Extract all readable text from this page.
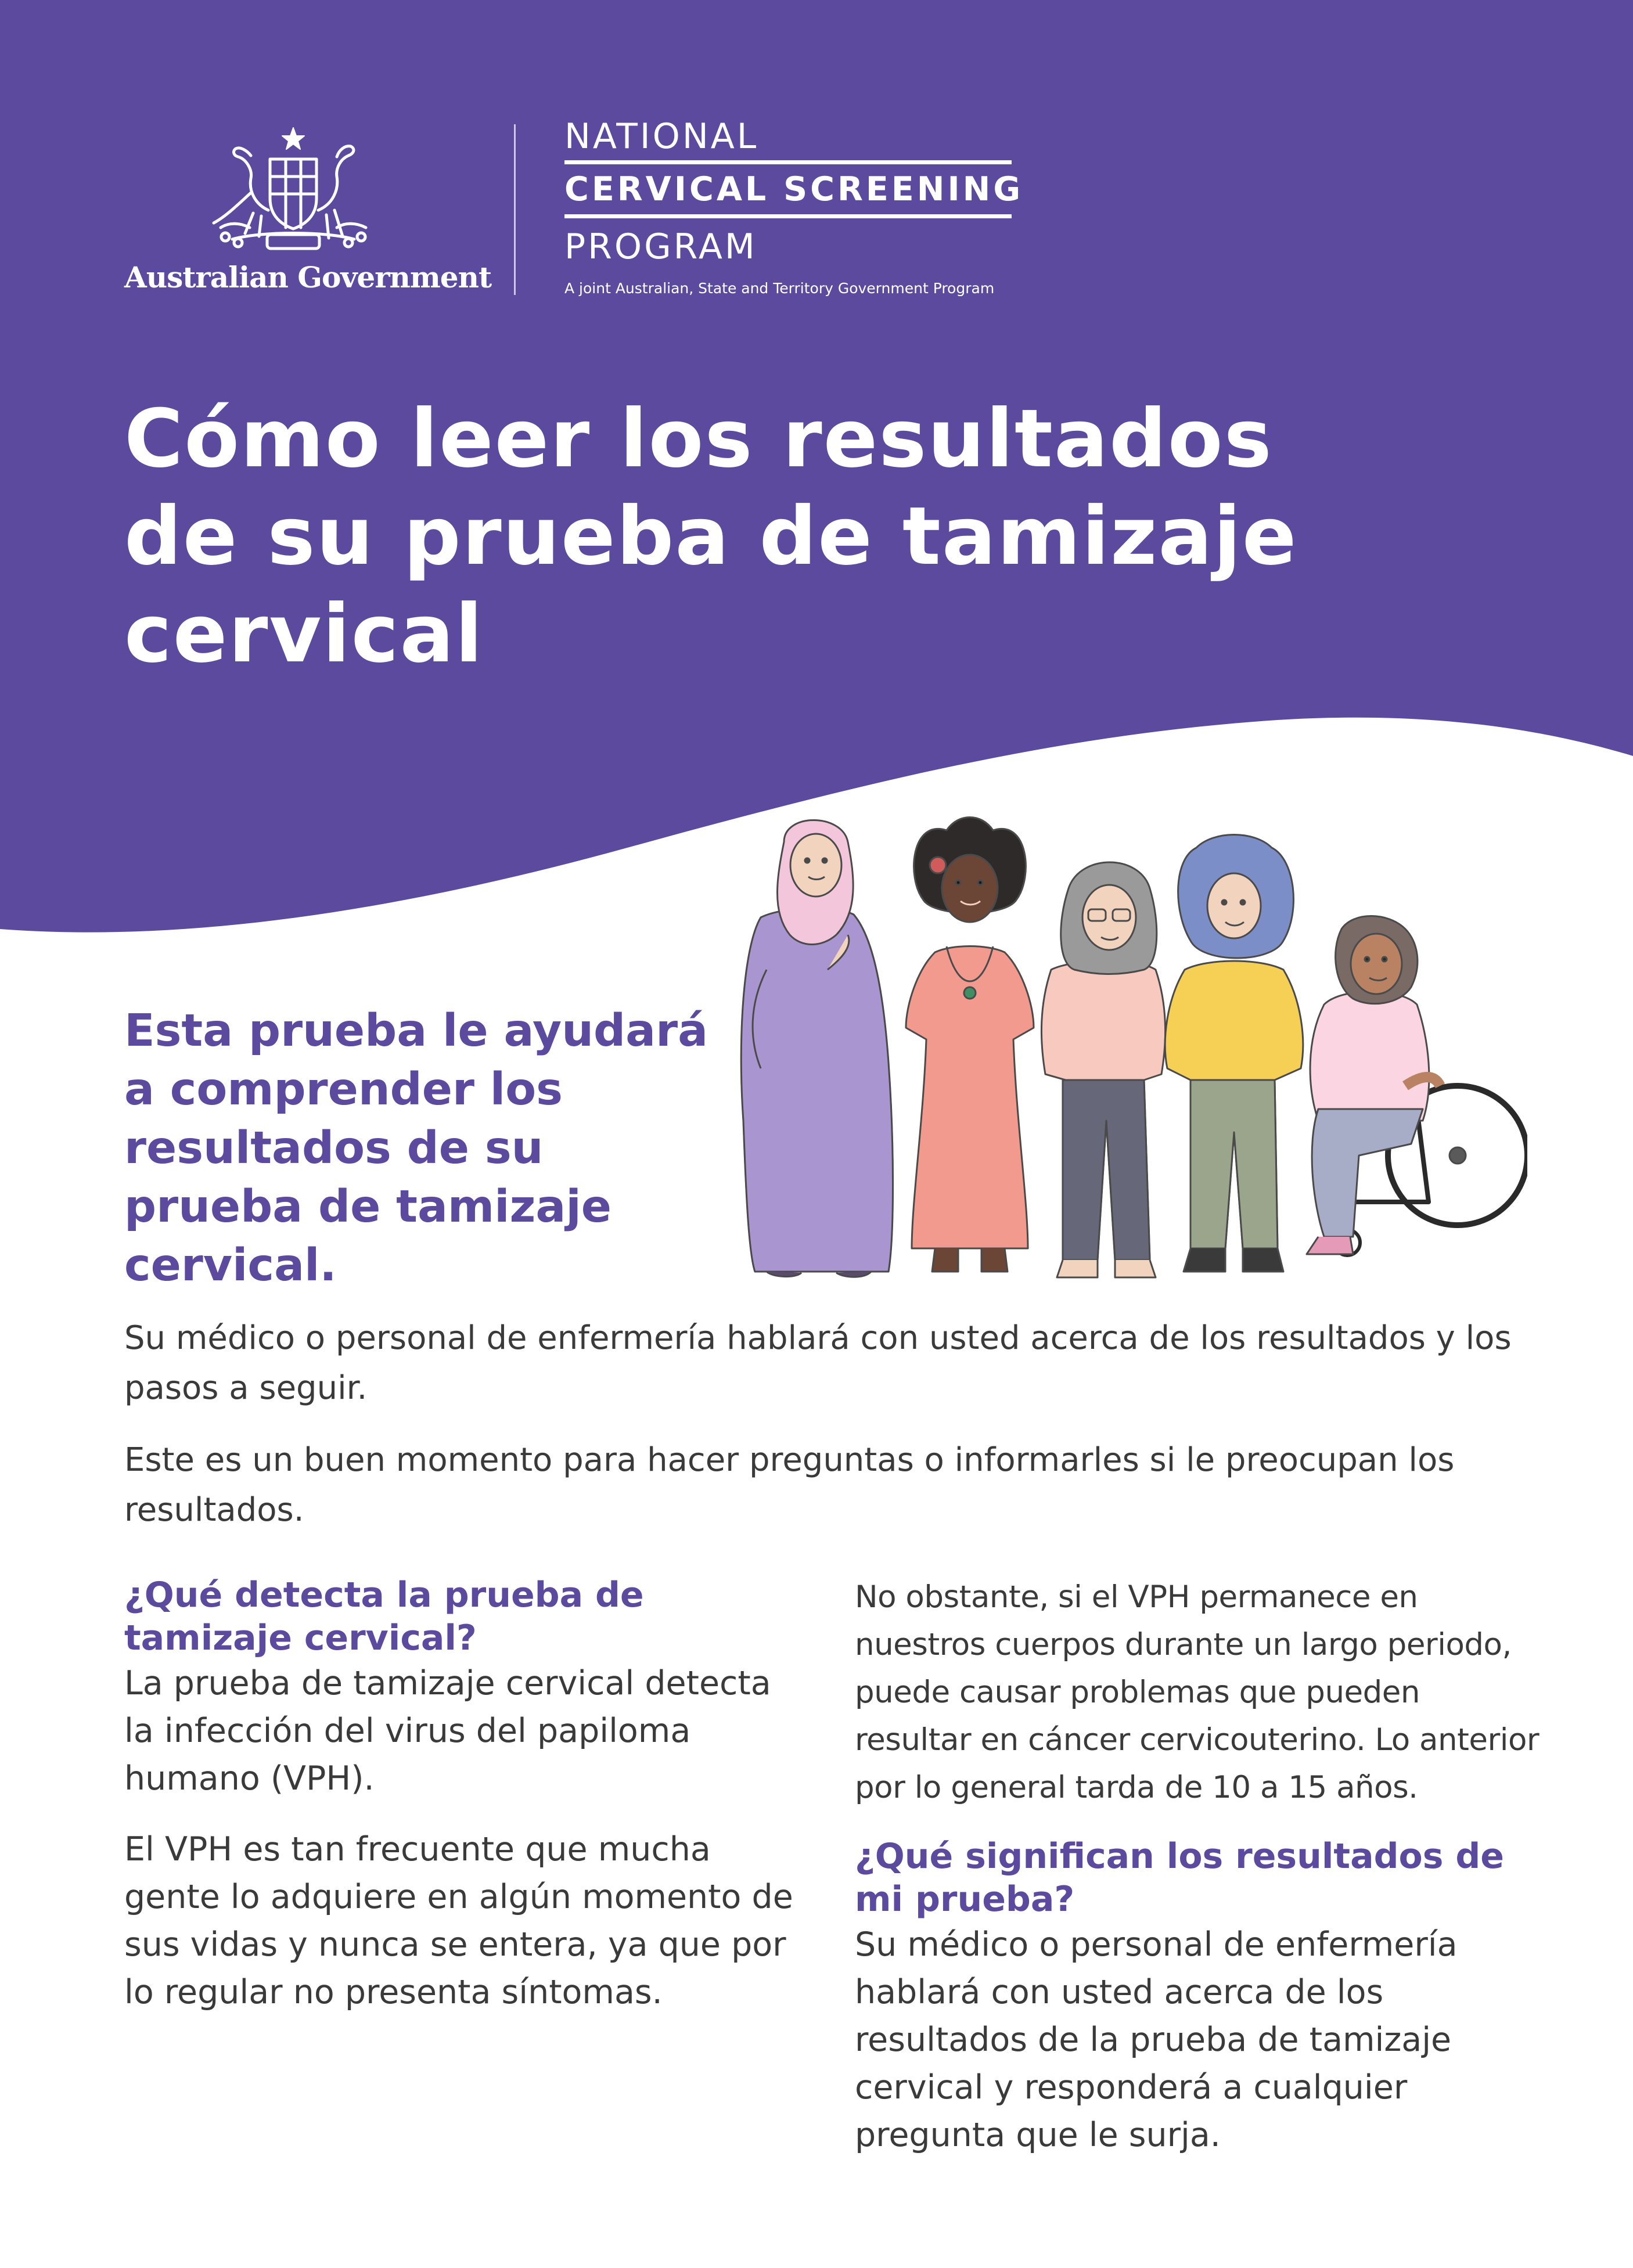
Australian Government
NATIONAL
CERVICAL SCREENING
PROGRAM
A joint Australian, State and Territory Government Program
Cómo leer los resultados
de su prueba de tamizaje
cervical

Esta prueba le ayudará a comprender los resultados de su prueba de tamizaje cervical.

Su médico o personal de enfermería hablará con usted acerca de los resultados y los pasos a seguir.

Este es un buen momento para hacer preguntas o informarles si le preocupan los resultados.

¿Qué detecta la prueba de tamizaje cervical?

La prueba de tamizaje cervical detecta la infección del virus del papiloma humano (VPH).

El VPH es tan frecuente que mucha gente lo adquiere en algún momento de sus vidas y nunca se entera, ya que por lo regular no presenta síntomas.

No obstante, si el VPH permanece en nuestros cuerpos durante un largo periodo, puede causar problemas que pueden resultar en cáncer cervicouterino. Lo anterior por lo general tarda de 10 a 15 años.

¿Qué significan los resultados de mi prueba?

Su médico o personal de enfermería hablará con usted acerca de los resultados de la prueba de tamizaje cervical y responderá a cualquier pregunta que le surja.
